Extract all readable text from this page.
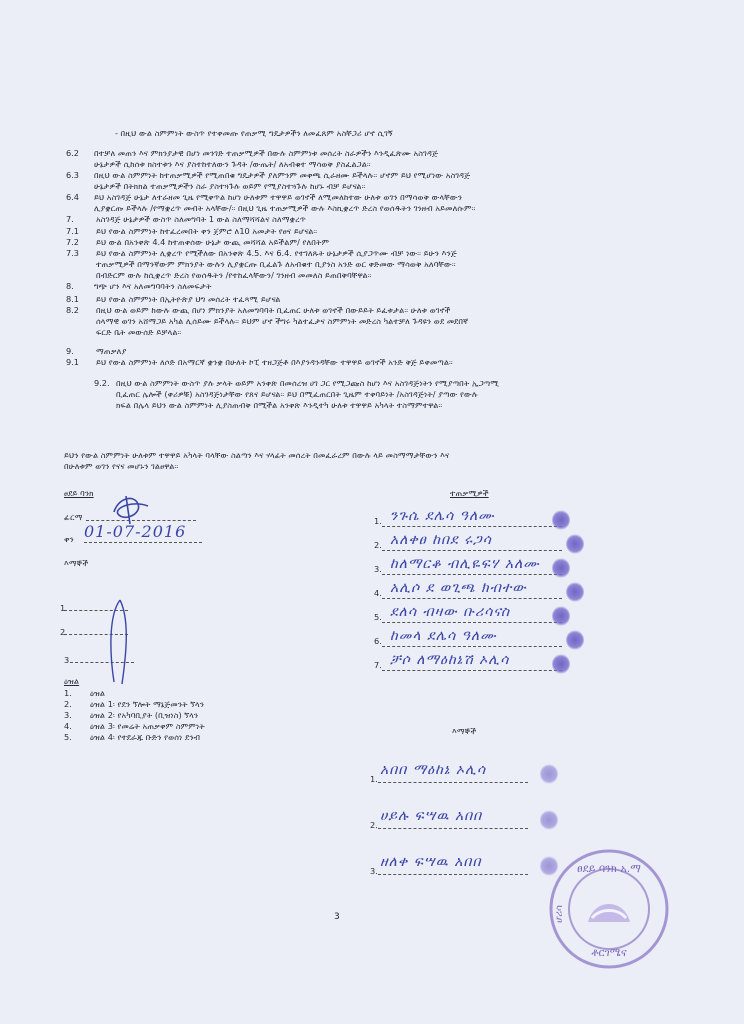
- በዚህ ውል ስምምነት ውስጥ የተቀመጡ የጠቃሚ ግዴታዎችን ለመፈጸም አስቸጋሪ ሆኖ ሲገኝ
ይህን የውል ስምምነት ሁለቱም ተዋዋይ አካላት ባላቸው ስልጣን እና ሃላፊት መሰረት በመፈራረም በውሉ ላይ መስማማታቸውን እና
በሁለቱም ወገን የናና መሆኑን ገልፀዋል።
ፀደይ ባንክ
ፊርማ
ቀን 01-07-2016
እማኞች
1
2
3
ዕዝል
ተጠቃሚዎች
እማኞች
ፀደይ ባንክ አ.ማ
ሆሪሳ
ቶርገሜና
3
6.2 በተቻለ መጠን እና ምክንያታዊ በሆነ መንገድ ተጠቃሚዎች በውሉ ስምምነቱ መሰረት ስራዎችን እንዲፈጽሙ አስገዳጅ
ሁኔታዎች ሲከሰቱ ክስተቱን እና ያስተከተለውን ጉዳት /ውጤት/ ለአብቁተ ማሳወቅ ያስፈልጋል።
6.3 በዚህ ውል ስምምነት ከተጠቃሚዎች የሚጠበቁ ግዴታዎች ያለምንም መቀጫ ሲራዘሙ ይችላሉ። ሆኖም ይህ የሚሆነው አስገዳጅ
ሁኔታዎች በትክክል ተጠቃሚዎችን ስራ ያስተጓጉሉ ወይም የሚያስተጓጉሉ ከሆኑ ብቻ ይሆናል።
6.4 ይህ አስገዳጅ ሁኔታ ለተራዘመ ጊዜ የሚቀጥል ከሆነ ሁለቱም ተዋዋይ ወገኖች ለሚመለከተው ሁለቱ ወገን በማሳወቅ ውላቸውን
ሊያቋርጡ ይችላሉ /የማቋረጥ መብት አላቸው/። በዚህ ጊዜ ተጠቃሚዎች ውሉ እስኪቋረጥ ድረስ የወሰዱትን ገንዘብ አይመለሱም።
7.	አስገዳጅ ሁኔታዎች ውስጥ ስለመግባት 1 ውል ስለማሻሻልና ስለማቋረጥ
7.1 ይህ የውል ስምምነት ከተፈረመበት ቀን ጀምሮ ለ10 አመታት የፀና ይሆናል።
7.2 ይህ ውል በአንቀጽ 4.4 ከተጠቀሰው ሁኔታ ውጪ መሻሻል አይችልም/ የለበትም
7.3 ይህ የውል ስምምነት ሊቋረጥ የሚችለው በአንቀጽ 4.5. እና 6.4. የተገለጹት ሁኔታዎች ሲያጋጥሙ ብቻ ነው። ይሁን እንጅ
ተጠቃሚዎች በማንኛውም ምክንያት ውሉን ሊያቋርጡ ቢፈልጉ ለአብቁተ ቢያንስ አንድ ወር ቀድመው ማሳወቅ አለባቸው።
በብድርም ውሉ ከሲቋረጥ ድረስ የወሰዱትን /የተከፈላቸውን/ ገንዘብ መመለስ ይጠበቅባቸዋል።
8. ግጭ ሆን እና አለመግባባትን ስለመፍታት
8.1 ይህ የውል ስምምነት በኢትዮጵያ ህግ መሰረት ተፈጻሚ ይሆናል
8.2 በዚህ ውል ወይም ከውሉ ውጪ በሆነ ምክንያት አለመግባባት ቢፈጠር ሁለቱ ወገኖች በውይይት ይፈቱታል። ሁለቱ ወገኖች
ሰላማዊ ወገን አሸማጋይ አካል ሊሰይሙ ይችላሉ። ይህም ሆኖ ችግሩ ካልተፈታና ስምምነት መድረስ ካልተቻለ ጉዳዩን ወደ መደበኛ
ፍርድ ቤት መውሰድ ይቻላል።
9.	ማጠቃለያ
9.1 ይህ የውል ስምምነት ለሶድ በአማርኛ ቋንቋ በሁለት ኮፒ ተዘጋጅቶ በእያንዳንዳቸው ተዋዋይ ወገኖች አንድ ቅጅ ይቀመጣል።
9.2. በዚህ ውል ስምምነት ውስጥ ያሉ ቃላት ወይም አንቀጽ በመሰረዝ ሀገ ጋር የሚጋጩስ ከሆነ እና አስገዳጅነትን የሚያጣበት ኢጋጣሚ
ቢፈጠር ሌሎች (ቀሪዎቹ) አስገዳጅነታቸው የጸና ይሆናል። ይህ በሚፈጠርበት ጊዜም ተቀባይነት /አስገዳጅነት/ ያጣው የውሉ
ክፍል በሌላ ይህን ውል ስምምነት ሊያስጠብቅ በሚችል አንቀጽ እንዲተካ ሁለቱ ተዋዋይ አካላት ተስማምተዋል።
1. ዕዝል
2. ዕዝል 1፡ የደን ኘሎት ማኔጅመንት ኘላን
3. ዕዝል 2፡ የአካባቢያት (ቢዝነስ) ኘላን
4. ዕዝል 3፡ የመሬት አጠቃቀም ስምምነት
5. ዕዝል 4፡ የተደራጁ ቡድን የወሰነ ደንብ
1. ንጉሴ ደሌሳ ዓለሙ
2. አለቀፀ ከበደ ሩጋሳ
3. ከለማርቆ ብሊዬፍሃ አለሙ
4. አሊሶ ደ ወጊጫ ክብተው
5. ደለሳ ብዛው ቡሪሳናስ
6. ከመላ ደሌሳ ዓለሙ
7. ቻሶ ለማዕከኔሽ ኦሊሳ
1.
አበበ ማዕከኔ ኦሊሳ
2.
ሀይሉ ፍሣዉ አበበ
3.
ዘለቀ ፍሣዉ አበበ
